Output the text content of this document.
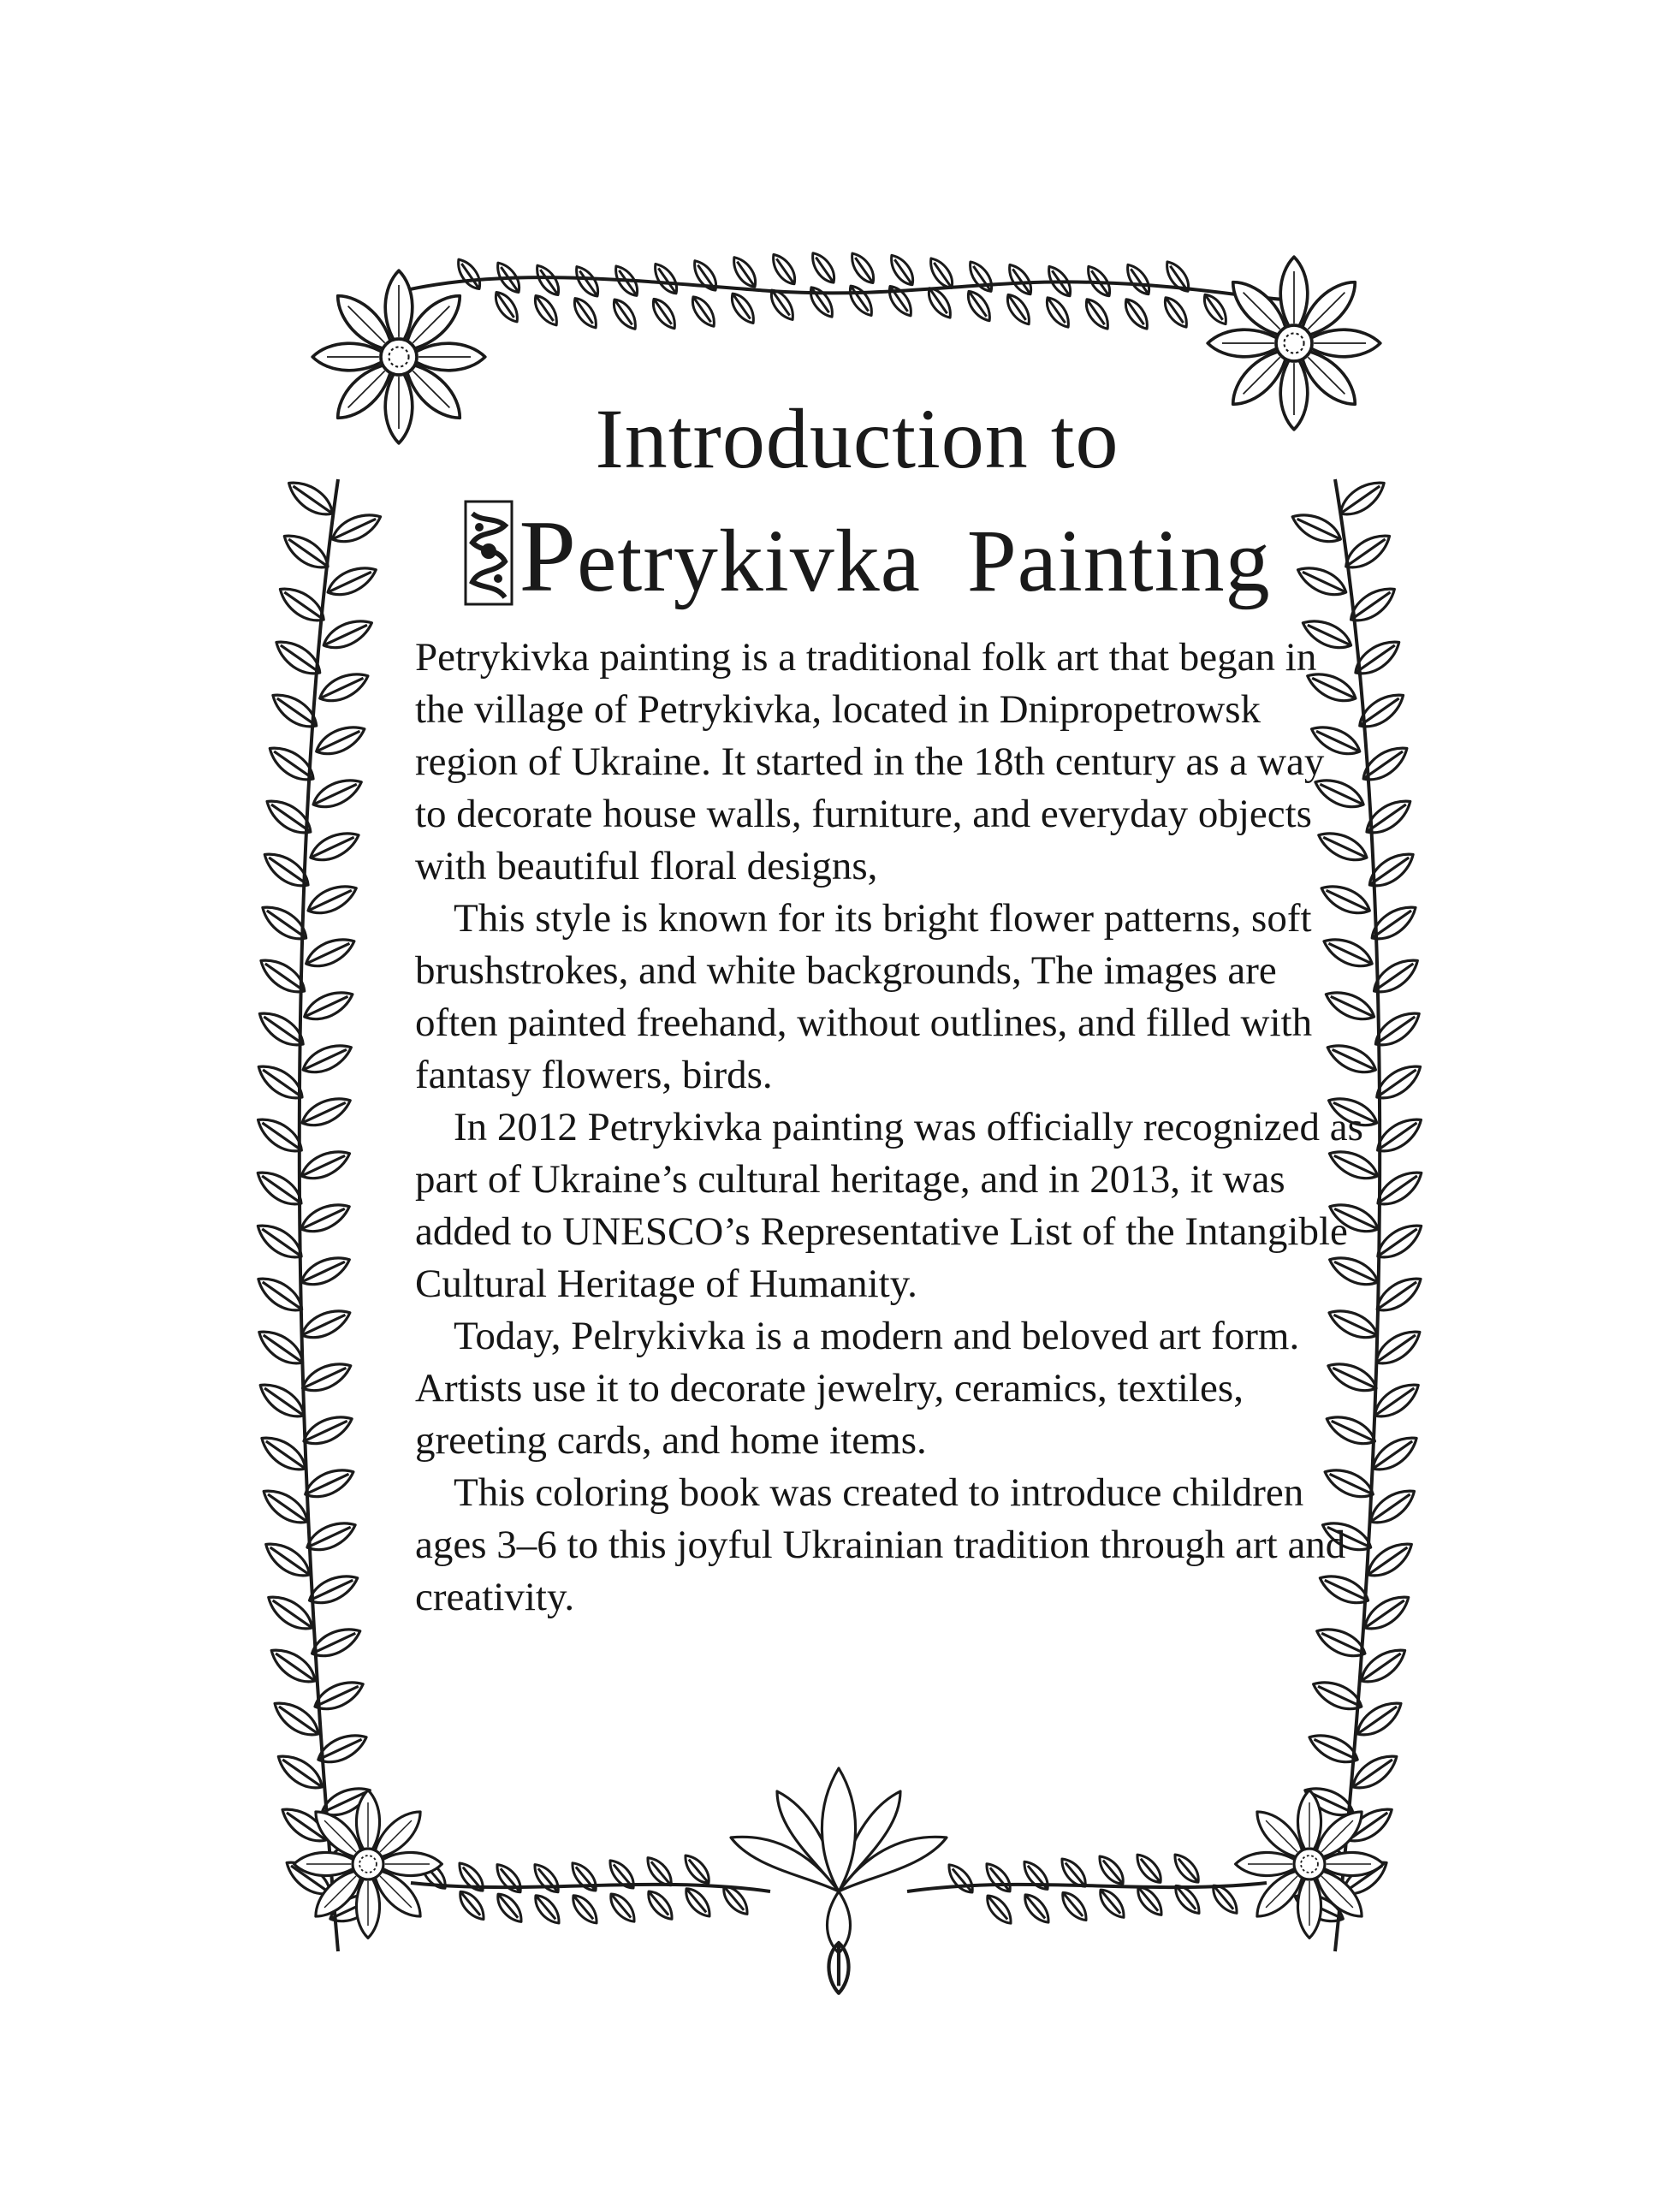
Introduction to
Petrykivka  Painting

Petrykivka painting is a traditional folk art that began in the village of Petrykivka, located in Dnipropetrowsk region of Ukraine. It started in the 18th century as a way to decorate house walls, furniture, and everyday objects with beautiful floral designs,

This style is known for its bright flower patterns, soft brushstrokes, and white backgrounds, The images are often painted freehand, without outlines, and filled with fantasy flowers, birds.

In 2012 Petrykivka painting was officially recognized as part of Ukraine’s cultural heritage, and in 2013, it was added to UNESCO’s Representative List of the Intangible Cultural Heritage of Humanity.

Today, Pelrykivka is a modern and beloved art form. Artists use it to decorate jewelry, ceramics, textiles, greeting cards, and home items.

This coloring book was created to introduce children ages 3–6 to this joyful Ukrainian tradition through art and creativity.
